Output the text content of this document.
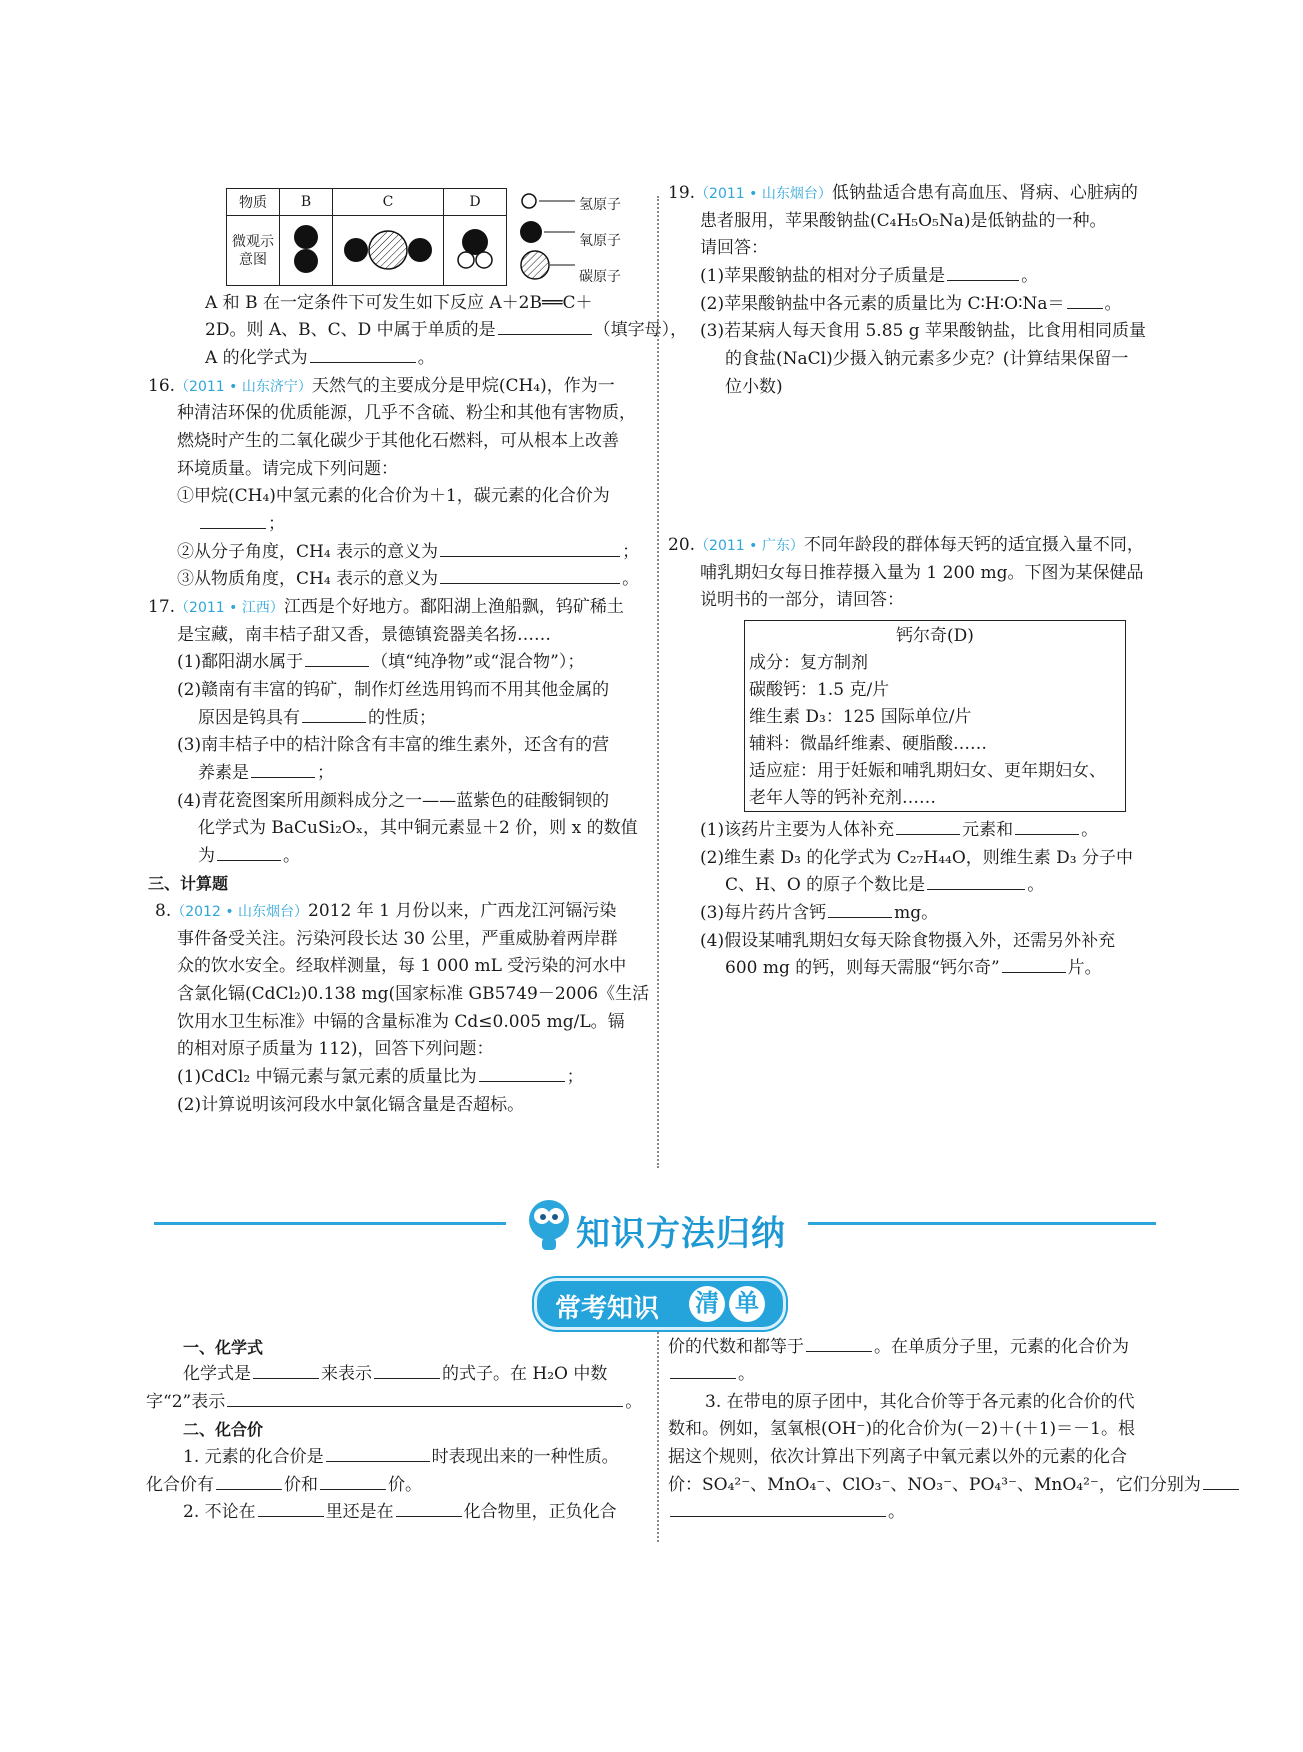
物质	B	C	D	氢原子
氧原子
碳原子

微观示意图			
A 和 B 在一定条件下可发生如下反应 A＋2B══C＋
2D。则 A、B、C、D 中属于单质的是	（填字母），
A 的化学式为	。
16.（2011 • 山东济宁）天然气的主要成分是甲烷(CH₄)，作为一
种清洁环保的优质能源，几乎不含硫、粉尘和其他有害物质，
燃烧时产生的二氧化碳少于其他化石燃料，可从根本上改善
环境质量。请完成下列问题：
①甲烷(CH₄)中氢元素的化合价为＋1，碳元素的化合价为
；
②从分子角度，CH₄ 表示的意义为	；
③从物质角度，CH₄ 表示的意义为	。
17.（2011 • 江西）江西是个好地方。鄱阳湖上渔船飘，钨矿稀土
是宝藏，南丰桔子甜又香，景德镇瓷器美名扬……
(1)鄱阳湖水属于	（填“纯净物”或“混合物”）；
(2)赣南有丰富的钨矿，制作灯丝选用钨而不用其他金属的
原因是钨具有	的性质；
(3)南丰桔子中的桔汁除含有丰富的维生素外，还含有的营
养素是	；
(4)青花瓷图案所用颜料成分之一——蓝紫色的硅酸铜钡的
化学式为 BaCuSi₂Oₓ，其中铜元素显＋2 价，则 x 的数值
为	。
三、计算题
8.（2012 • 山东烟台）2012 年 1 月份以来，广西龙江河镉污染
事件备受关注。污染河段长达 30 公里，严重威胁着两岸群
众的饮水安全。经取样测量，每 1 000 mL 受污染的河水中
含氯化镉(CdCl₂)0.138 mg(国家标准 GB5749－2006《生活
饮用水卫生标准》中镉的含量标准为 Cd≤0.005 mg/L。镉
的相对原子质量为 112)，回答下列问题：
(1)CdCl₂ 中镉元素与氯元素的质量比为	；
(2)计算说明该河段水中氯化镉含量是否超标。
19.（2011 • 山东烟台）低钠盐适合患有高血压、肾病、心脏病的
患者服用，苹果酸钠盐(C₄H₅O₅Na)是低钠盐的一种。
请回答：
(1)苹果酸钠盐的相对分子质量是	。
(2)苹果酸钠盐中各元素的质量比为 C∶H∶O∶Na＝ 。
(3)若某病人每天食用 5.85 g 苹果酸钠盐，比食用相同质量
的食盐(NaCl)少摄入钠元素多少克？(计算结果保留一
位小数)
20.（2011 • 广东）不同年龄段的群体每天钙的适宜摄入量不同，
哺乳期妇女每日推荐摄入量为 1 200 mg。下图为某保健品
说明书的一部分，请回答：
钙尔奇(D)
成分：复方制剂
碳酸钙：1.5 克/片
维生素 D₃：125 国际单位/片
辅料：微晶纤维素、硬脂酸……
适应症：用于妊娠和哺乳期妇女、更年期妇女、
老年人等的钙补充剂……
(1)该药片主要为人体补充	元素和	。
(2)维生素 D₃ 的化学式为 C₂₇H₄₄O，则维生素 D₃ 分子中
C、H、O 的原子个数比是	。
(3)每片药片含钙	mg。
(4)假设某哺乳期妇女每天除食物摄入外，还需另外补充
600 mg 的钙，则每天需服“钙尔奇”	片。
知识方法归纳
常考知识 清 单
一、化学式
化学式是	来表示	的式子。在 H₂O 中数
字“2”表示	。
二、化合价
1. 元素的化合价是	时表现出来的一种性质。
化合价有	价和	价。
2. 不论在	里还是在	化合物里，正负化合
价的代数和都等于	。在单质分子里，元素的化合价为
。
3. 在带电的原子团中，其化合价等于各元素的化合价的代
数和。例如，氢氧根(OH⁻)的化合价为(－2)＋(＋1)＝－1。根
据这个规则，依次计算出下列离子中氧元素以外的元素的化合
价：SO₄²⁻、MnO₄⁻、ClO₃⁻、NO₃⁻、PO₄³⁻、MnO₄²⁻，它们分别为
。
